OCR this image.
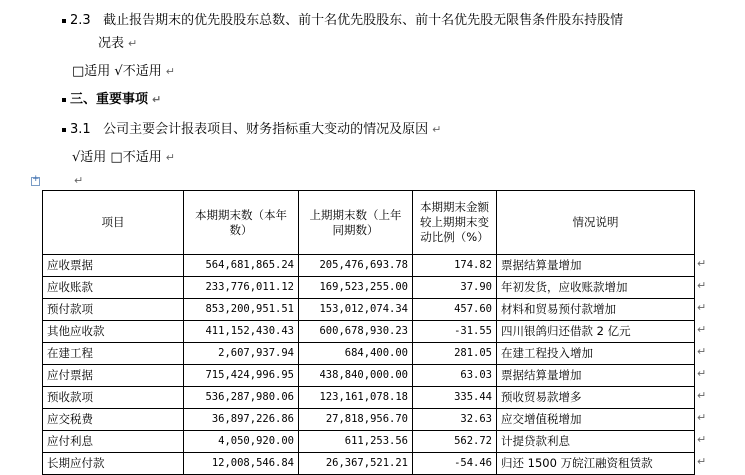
2.3 截止报告期末的优先股股东总数、前十名优先股股东、前十名优先股无限售条件股东持股情
况表 ↵
□适用 √不适用 ↵
三、重要事项 ↵
3.1 公司主要会计报表项目、财务指标重大变动的情况及原因 ↵
√适用 □不适用 ↵
↵
+
项目	本期期末数（本年数）	上期期末数（上年同期数）	本期期末金额较上期期末变动比例（%）	情况说明
应收票据	564,681,865.24	205,476,693.78	174.82	票据结算量增加
应收账款	233,776,011.12	169,523,255.00	37.90	年初发货，应收账款增加
预付款项	853,200,951.51	153,012,074.34	457.60	材料和贸易预付款增加
其他应收款	411,152,430.43	600,678,930.23	-31.55	四川银鸽归还借款 2 亿元
在建工程	2,607,937.94	684,400.00	281.05	在建工程投入增加
应付票据	715,424,996.95	438,840,000.00	63.03	票据结算量增加
预收款项	536,287,980.06	123,161,078.18	335.44	预收贸易款增多
应交税费	36,897,226.86	27,818,956.70	32.63	应交增值税增加
应付利息	4,050,920.00	611,253.56	562.72	计提贷款利息
长期应付款	12,008,546.84	26,367,521.21	-54.46	归还 1500 万皖江融资租赁款
↵
↵
↵
↵
↵
↵
↵
↵
↵
↵
